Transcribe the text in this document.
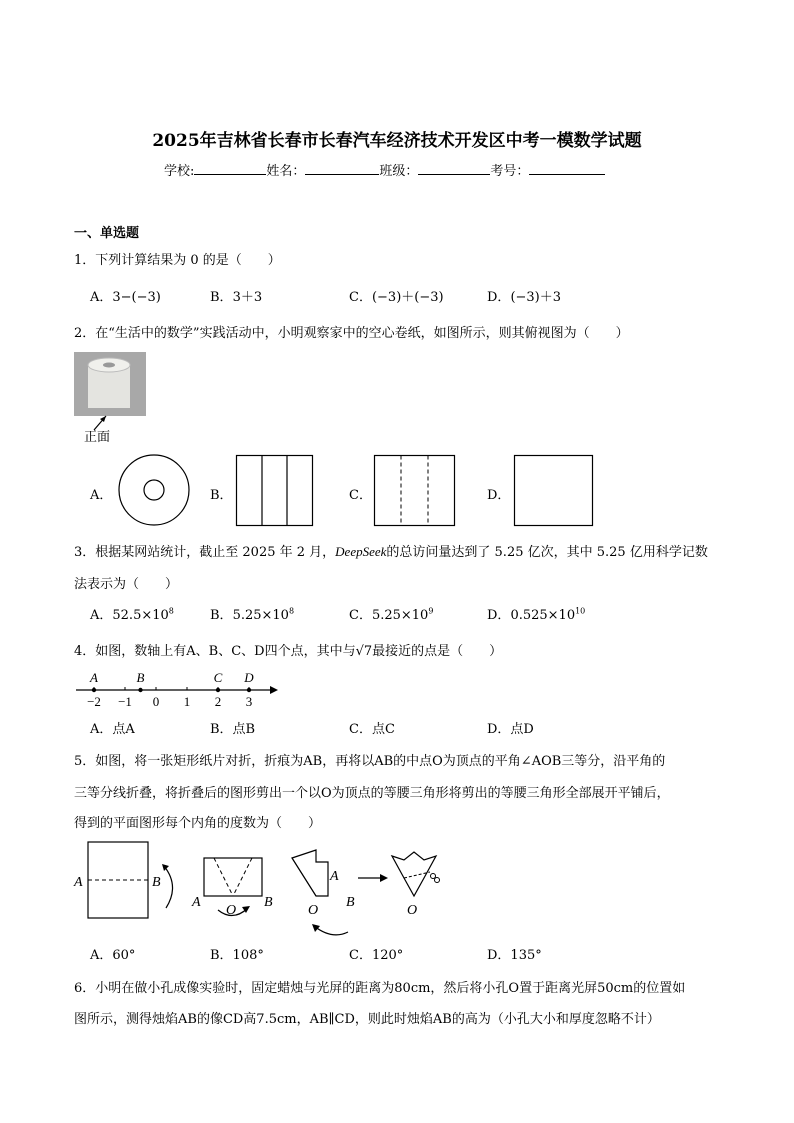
2025年吉林省长春市长春汽车经济技术开发区中考一模数学试题
学校:	姓名：	班级：	考号：
一、单选题
1．下列计算结果为 0 的是（　　）
A．3−(−3)	B．3＋3	C．(−3)＋(−3)	D．(−3)＋3
2．在“生活中的数学”实践活动中，小明观察家中的空心卷纸，如图所示，则其俯视图为（　　）
正面
A．	B．	C．	D．
3．根据某网站统计，截止至 2025 年 2 月，DeepSeek的总访问量达到了 5.25 亿次，其中 5.25 亿用科学记数
法表示为（　　）
A．$52.5\times 10^8$	B．$5.25\times 10^8$	C．$5.25\times 10^9$	D．$0.525\times 10^{10}$
4．如图，数轴上有A、B、C、D四个点，其中与√7最接近的点是（　　）
−2 −1 0 1 2 3
A	B	C D
A．点A	B．点B	C．点C	D．点D
5．如图，将一张矩形纸片对折，折痕为AB，再将以AB的中点O为顶点的平角∠AOB三等分，沿平角的
三等分线折叠，将折叠后的图形剪出一个以O为顶点的等腰三角形将剪出的等腰三角形全部展开平铺后，
得到的平面图形每个内角的度数为（　　）
A	B
A
O
B
A
O
B
O
A．60°	B．108°	C．120°	D．135°
6．小明在做小孔成像实验时，固定蜡烛与光屏的距离为80cm，然后将小孔O置于距离光屏50cm的位置如
图所示，测得烛焰AB的像CD高7.5cm，AB∥CD，则此时烛焰AB的高为（小孔大小和厚度忽略不计）
